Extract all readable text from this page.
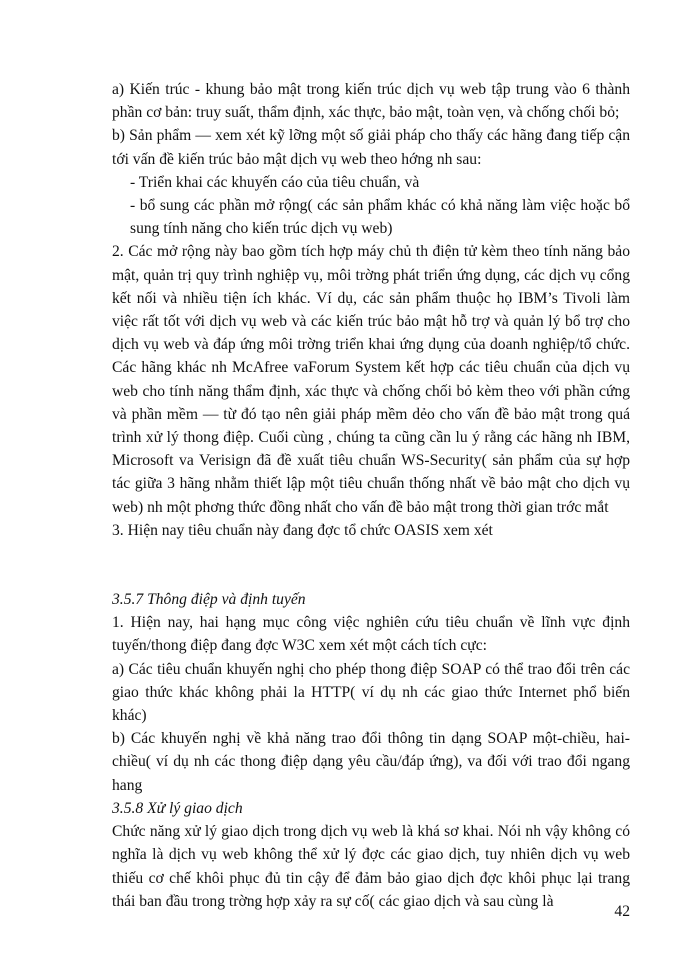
a) Kiến trúc - khung bảo mật trong kiến trúc dịch vụ web tập trung vào 6 thành phần cơ bản: truy suất, thẩm định, xác thực, bảo mật, toàn vẹn, và chống chối bỏ;

b) Sản phẩm — xem xét kỹ lỡng một số giải pháp cho thấy các hãng đang tiếp cận tới vấn đề kiến trúc bảo mật dịch vụ web theo hớng nh sau:

- Triển khai các khuyến cáo của tiêu chuẩn, và

- bổ sung các phần mở rộng( các sản phẩm khác có khả năng làm việc hoặc bổ sung tính năng cho kiến trúc dịch vụ web)

2. Các mở rộng này bao gồm tích hợp máy chủ th điện tử kèm theo tính năng bảo mật, quản trị quy trình nghiệp vụ, môi trờng phát triển ứng dụng, các dịch vụ cổng kết nối và nhiều tiện ích khác. Ví dụ, các sản phẩm thuộc họ IBM’s Tivoli làm việc rất tốt với dịch vụ web và các kiến trúc bảo mật hỗ trợ và quản lý bổ trợ cho dịch vụ web và đáp ứng môi trờng triển khai ứng dụng của doanh nghiệp/tổ chức. Các hãng khác nh McAfree vaForum System kết hợp các tiêu chuẩn của dịch vụ web cho tính năng thẩm định, xác thực và chống chối bỏ kèm theo với phần cứng và phần mềm — từ đó tạo nên giải pháp mềm dẻo cho vấn đề bảo mật trong quá trình xử lý thong điệp. Cuối cùng , chúng ta cũng cần lu ý rằng các hãng nh IBM, Microsoft va Verisign đã đề xuất tiêu chuẩn WS-Security( sản phẩm của sự hợp tác giữa 3 hãng nhằm thiết lập một tiêu chuẩn thống nhất về bảo mật cho dịch vụ web) nh một phơng thức đồng nhất cho vấn đề bảo mật trong thời gian trớc mắt

3. Hiện nay tiêu chuẩn này đang đợc tổ chức OASIS xem xét

3.5.7 Thông điệp và định tuyến

1. Hiện nay, hai hạng mục công việc nghiên cứu tiêu chuẩn về lĩnh vực định tuyến/thong điệp đang đợc W3C xem xét một cách tích cực:

a) Các tiêu chuẩn khuyến nghị cho phép thong điệp SOAP có thể trao đổi trên các giao thức khác không phải la HTTP( ví dụ nh các giao thức Internet phổ biến khác)

b) Các khuyến nghị về khả năng trao đổi thông tin dạng SOAP một-chiều, hai-chiều( ví dụ nh các thong điệp dạng yêu cầu/đáp ứng), va đối với trao đổi ngang hang

3.5.8 Xử lý giao dịch

Chức năng xử lý giao dịch trong dịch vụ web là khá sơ khai. Nói nh vậy không có nghĩa là dịch vụ web không thể xử lý đợc các giao dịch, tuy nhiên dịch vụ web thiếu cơ chế khôi phục đủ tin cậy để đảm bảo giao dịch đợc khôi phục lại trang thái ban đầu trong trờng hợp xảy ra sự cố( các giao dịch và sau cùng là

42
